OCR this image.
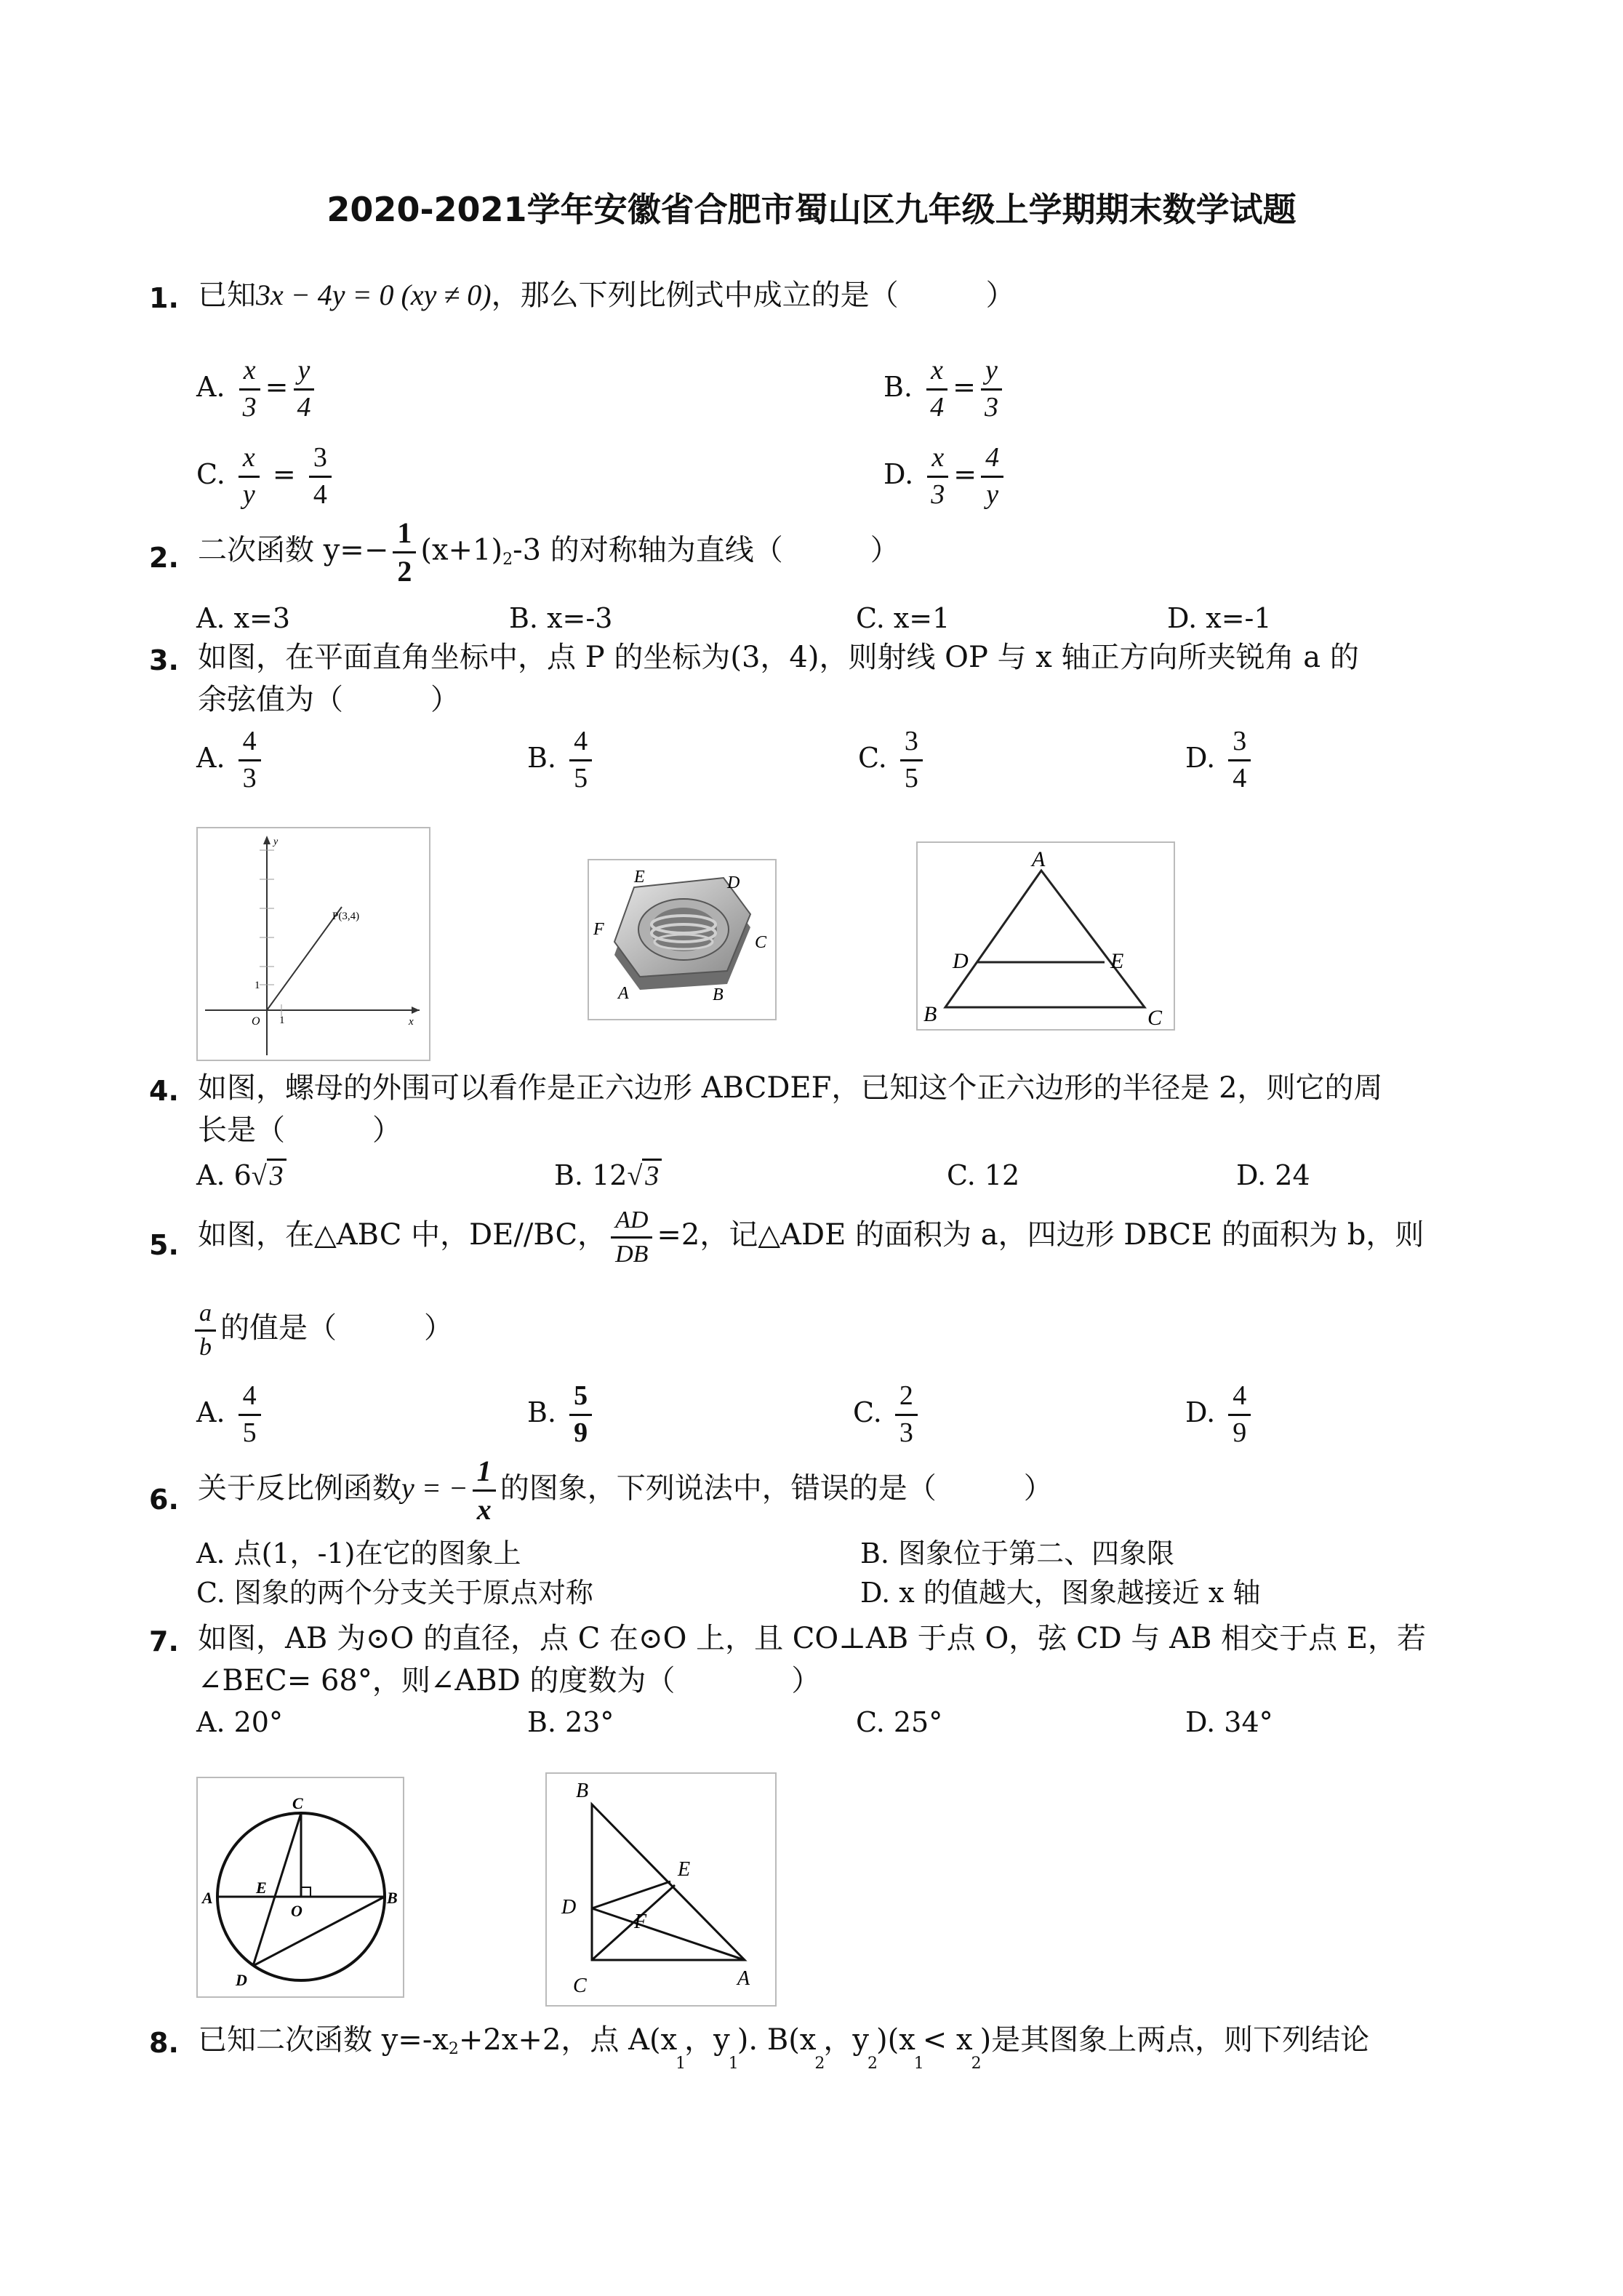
2020-2021学年安徽省合肥市蜀山区九年级上学期期末数学试题
1. 已知3x − 4y = 0 (xy ≠ 0)，那么下列比例式中成立的是（　　　）
A. $\frac{x}{3} = \frac{y}{4}$	B. $\frac{x}{4} = \frac{y}{3}$
C. $\frac{x}{y} = \frac{3}{4}$	D. $\frac{x}{3} = \frac{4}{y}$
2. 二次函数 $y=- \frac{1}{2} (x+1)2-3$ 的对称轴为直线（　　　）
A. x=3	B. x=-3	C. x=1	D. x=-1
3. 如图，在平面直角坐标中，点 P 的坐标为(3，4)，则射线 OP 与 x 轴正方向所夹锐角 a 的
余弦值为（　　　）
A. $\frac{4}{3}$	B. $\frac{4}{5}$	C. $\frac{3}{5}$	D. $\frac{3}{4}$
y
P(3,4)
1
O 1	x
E	D
F
C
A	B
A
D	E
B	C
4. 如图，螺母的外围可以看作是正六边形 ABCDEF，已知这个正六边形的半径是 2，则它的周
长是（　　　）
A. 6√ 3	B. 12√ 3	C. 12	D. 24
5. 如图，在△ABC 中，DE//BC， $\frac{AD}{DB} =2$，记△ADE 的面积为 a，四边形 DBCE 的面积为 b，则
$\frac{a}{b}$ 的值是（　　　）
A. $\frac{4}{5}$	B. $\frac{5}{9}$	C. $\frac{2}{3}$	D. $\frac{4}{9}$
6. 关于反比例函数y = − $\frac{1}{x}$ 的图象，下列说法中，错误的是（　　　）
A. 点(1，-1)在它的图象上	B. 图象位于第二、四象限
C. 图象的两个分支关于原点对称	D. x 的值越大，图象越接近 x 轴
7. 如图，AB 为⊙O 的直径，点 C 在⊙O 上，且 CO⊥AB 于点 O，弦 CD 与 AB 相交于点 E，若
∠BEC= 68°，则∠ABD 的度数为（　　　　）
A. 20°	B. 23°	C. 25°	D. 34°
C
A
E
O
B
D
B
E
D
F
C	A
8. 已知二次函数 y=-x2+2x+2，点 $A(x_1$，$y_1$). $B(x_2$，$y_2)(x_1< x_2)$是其图象上两点，则下列结论
